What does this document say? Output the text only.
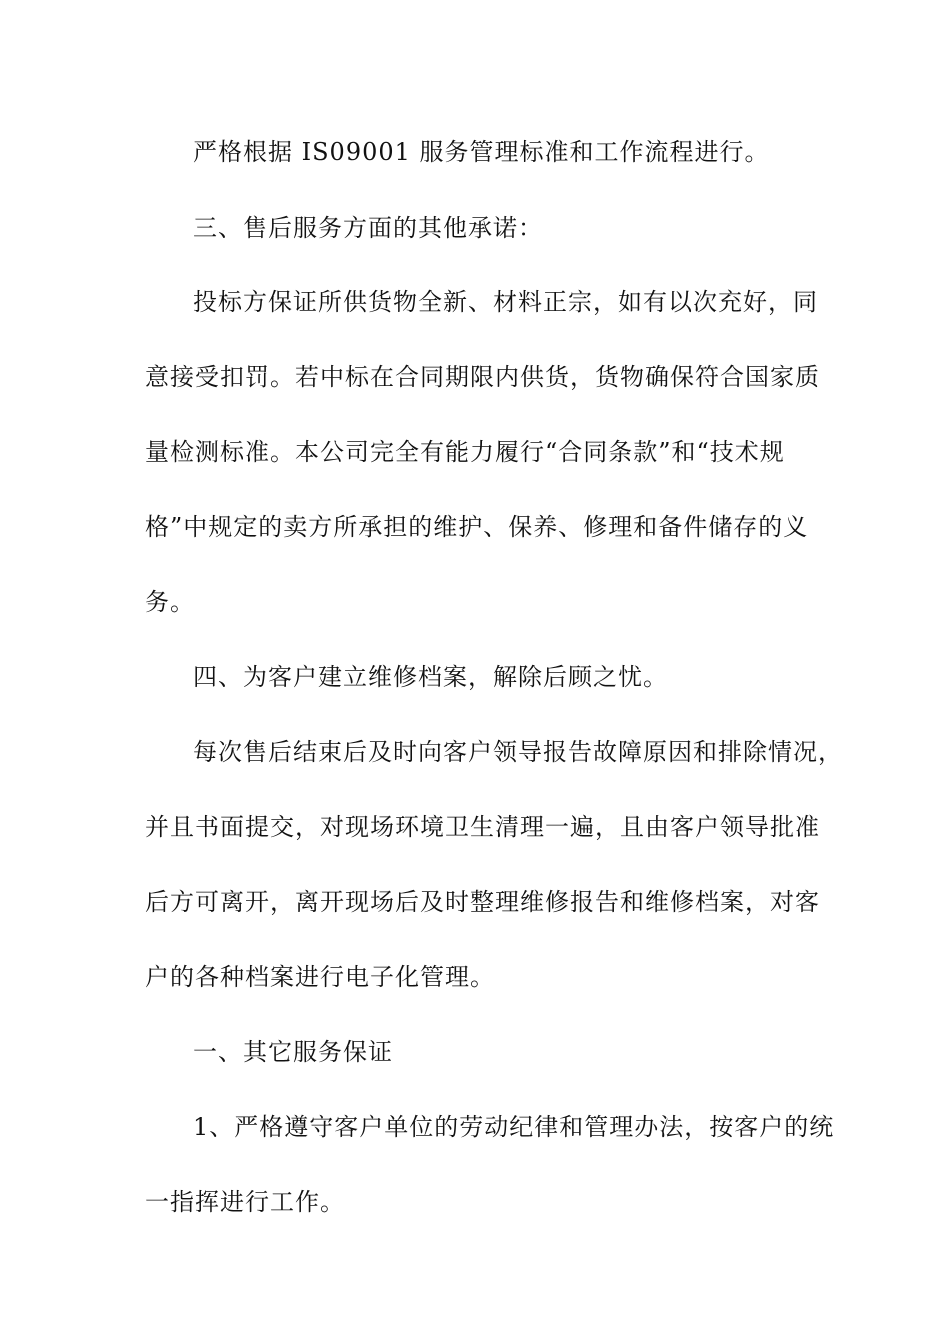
严格根据 IS09001 服务管理标准和工作流程进行。
三、售后服务方面的其他承诺：
投标方保证所供货物全新、材料正宗，如有以次充好，同
意接受扣罚。若中标在合同期限内供货，货物确保符合国家质
量检测标准。本公司完全有能力履行“合同条款”和“技术规
格”中规定的卖方所承担的维护、保养、修理和备件储存的义
务。
四、为客户建立维修档案，解除后顾之忧。
每次售后结束后及时向客户领导报告故障原因和排除情况，
并且书面提交，对现场环境卫生清理一遍，且由客户领导批准
后方可离开，离开现场后及时整理维修报告和维修档案，对客
户的各种档案进行电子化管理。
一、其它服务保证
1、严格遵守客户单位的劳动纪律和管理办法，按客户的统
一指挥进行工作。
